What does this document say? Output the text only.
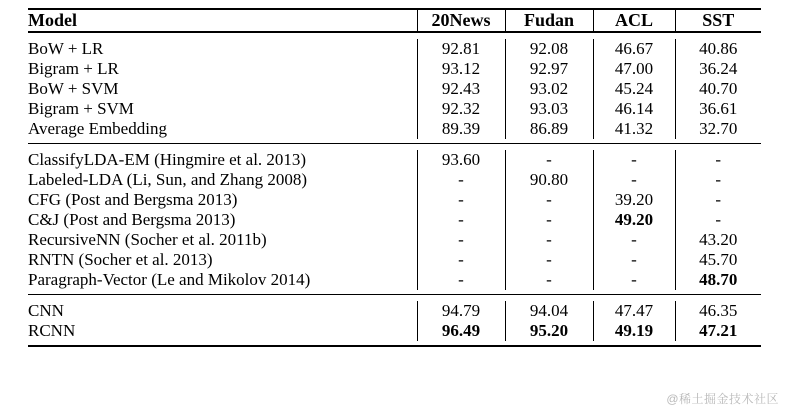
Model	20News	Fudan	ACL	SST

BoW + LR	92.81	92.08	46.67	40.86
Bigram + LR	93.12	92.97	47.00	36.24
BoW + SVM	92.43	93.02	45.24	40.70
Bigram + SVM	92.32	93.03	46.14	36.61
Average Embedding	89.39	86.89	41.32	32.70

ClassifyLDA-EM (Hingmire et al. 2013)	93.60	-	-	-
Labeled-LDA (Li, Sun, and Zhang 2008)	-	90.80	-	-
CFG (Post and Bergsma 2013)	-	-	39.20	-
C&J (Post and Bergsma 2013)	-	-	49.20	-
RecursiveNN (Socher et al. 2011b)	-	-	-	43.20
RNTN (Socher et al. 2013)	-	-	-	45.70
Paragraph-Vector (Le and Mikolov 2014)	-	-	-	48.70

CNN	94.79	94.04	47.47	46.35
RCNN	96.49	95.20	49.19	47.21

@稀土掘金技术社区
